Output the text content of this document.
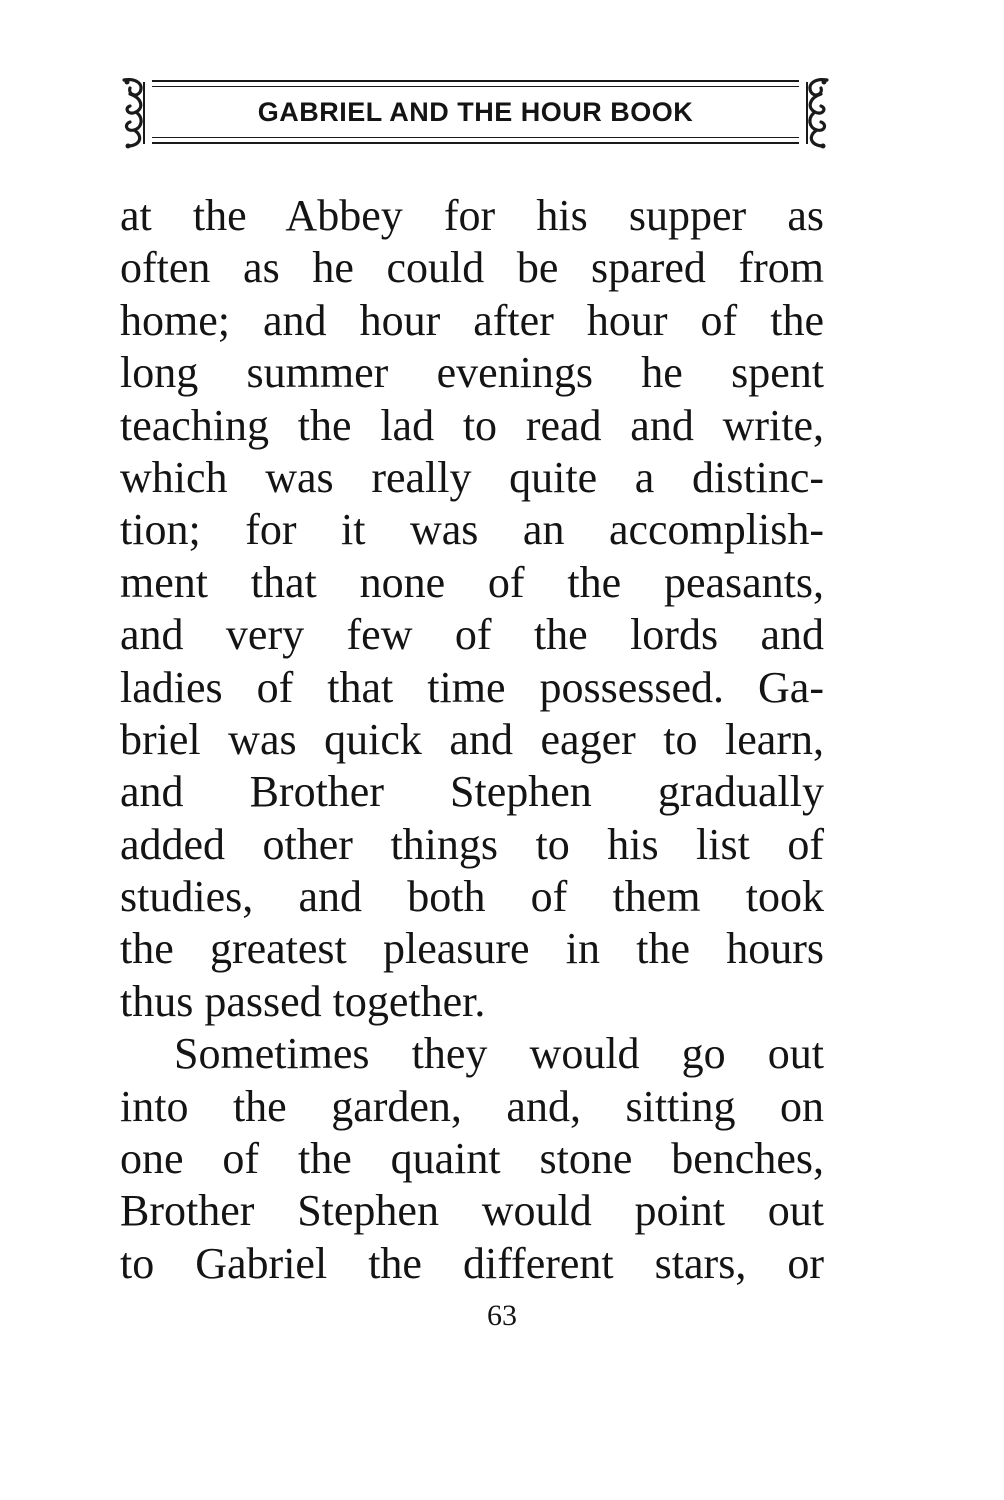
GABRIEL AND THE HOUR BOOK
at the Abbey for his supper as
often as he could be spared from
home; and hour after hour of the
long summer evenings he spent
teaching the lad to read and write,
which was really quite a distinc-
tion; for it was an accomplish-
ment that none of the peasants,
and very few of the lords and
ladies of that time possessed. Ga-
briel was quick and eager to learn,
and Brother Stephen gradually
added other things to his list of
studies, and both of them took
the greatest pleasure in the hours
thus passed together.
Sometimes they would go out
into the garden, and, sitting on
one of the quaint stone benches,
Brother Stephen would point out
to Gabriel the different stars, or
63
